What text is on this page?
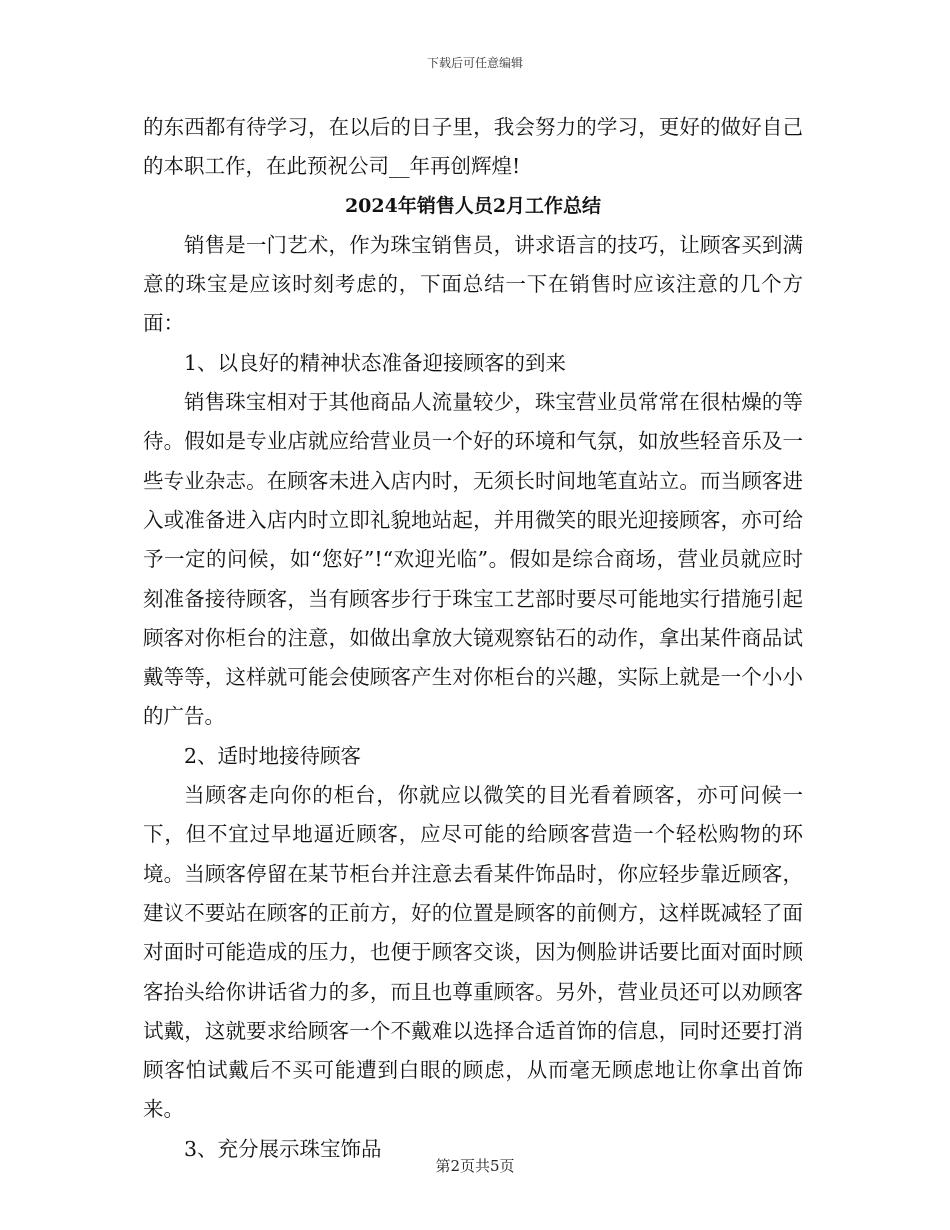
下载后可任意编辑

的东西都有待学习，在以后的日子里，我会努力的学习，更好的做好自己的本职工作，在此预祝公司__年再创辉煌!

2024年销售人员2月工作总结

销售是一门艺术，作为珠宝销售员，讲求语言的技巧，让顾客买到满意的珠宝是应该时刻考虑的，下面总结一下在销售时应该注意的几个方面：

1、以良好的精神状态准备迎接顾客的到来

销售珠宝相对于其他商品人流量较少，珠宝营业员常常在很枯燥的等待。假如是专业店就应给营业员一个好的环境和气氛，如放些轻音乐及一些专业杂志。在顾客未进入店内时，无须长时间地笔直站立。而当顾客进入或准备进入店内时立即礼貌地站起，并用微笑的眼光迎接顾客，亦可给予一定的问候，如“您好”!“欢迎光临”。假如是综合商场，营业员就应时刻准备接待顾客，当有顾客步行于珠宝工艺部时要尽可能地实行措施引起顾客对你柜台的注意，如做出拿放大镜观察钻石的动作，拿出某件商品试戴等等，这样就可能会使顾客产生对你柜台的兴趣，实际上就是一个小小的广告。

2、适时地接待顾客

当顾客走向你的柜台，你就应以微笑的目光看着顾客，亦可问候一下，但不宜过早地逼近顾客，应尽可能的给顾客营造一个轻松购物的环境。当顾客停留在某节柜台并注意去看某件饰品时，你应轻步靠近顾客，建议不要站在顾客的正前方，好的位置是顾客的前侧方，这样既减轻了面对面时可能造成的压力，也便于顾客交谈，因为侧脸讲话要比面对面时顾客抬头给你讲话省力的多，而且也尊重顾客。另外，营业员还可以劝顾客试戴，这就要求给顾客一个不戴难以选择合适首饰的信息，同时还要打消顾客怕试戴后不买可能遭到白眼的顾虑，从而毫无顾虑地让你拿出首饰来。

3、充分展示珠宝饰品

第2页共5页
